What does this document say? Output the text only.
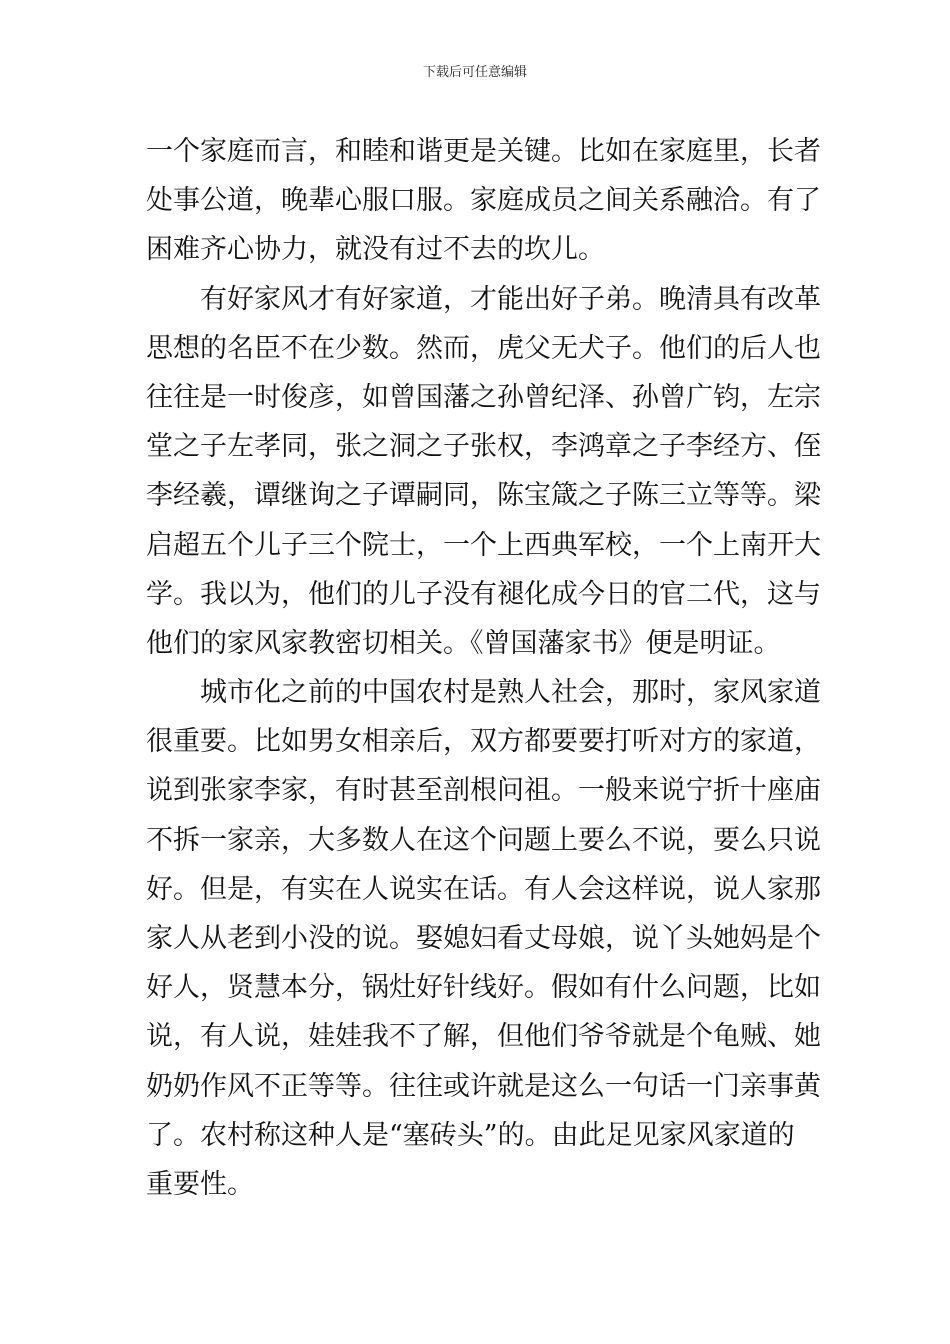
下载后可任意编辑
一个家庭而言，和睦和谐更是关键。比如在家庭里，长者
处事公道，晚辈心服口服。家庭成员之间关系融洽。有了
困难齐心协力，就没有过不去的坎儿。
有好家风才有好家道，才能出好子弟。晚清具有改革
思想的名臣不在少数。然而，虎父无犬子。他们的后人也
往往是一时俊彦，如曾国藩之孙曾纪泽、孙曾广钧，左宗
堂之子左孝同，张之洞之子张权，李鸿章之子李经方、侄
李经羲，谭继询之子谭嗣同，陈宝箴之子陈三立等等。梁
启超五个儿子三个院士，一个上西典军校，一个上南开大
学。我以为，他们的儿子没有褪化成今日的官二代，这与
他们的家风家教密切相关。《曾国藩家书》便是明证。
城市化之前的中国农村是熟人社会，那时，家风家道
很重要。比如男女相亲后，双方都要要打听对方的家道，
说到张家李家，有时甚至剖根问祖。一般来说宁折十座庙
不拆一家亲，大多数人在这个问题上要么不说，要么只说
好。但是，有实在人说实在话。有人会这样说，说人家那
家人从老到小没的说。娶媳妇看丈母娘，说丫头她妈是个
好人，贤慧本分，锅灶好针线好。假如有什么问题，比如
说，有人说，娃娃我不了解，但他们爷爷就是个龟贼、她
奶奶作风不正等等。往往或许就是这么一句话一门亲事黄
了。农村称这种人是“塞砖头”的。由此足见家风家道的
重要性。
